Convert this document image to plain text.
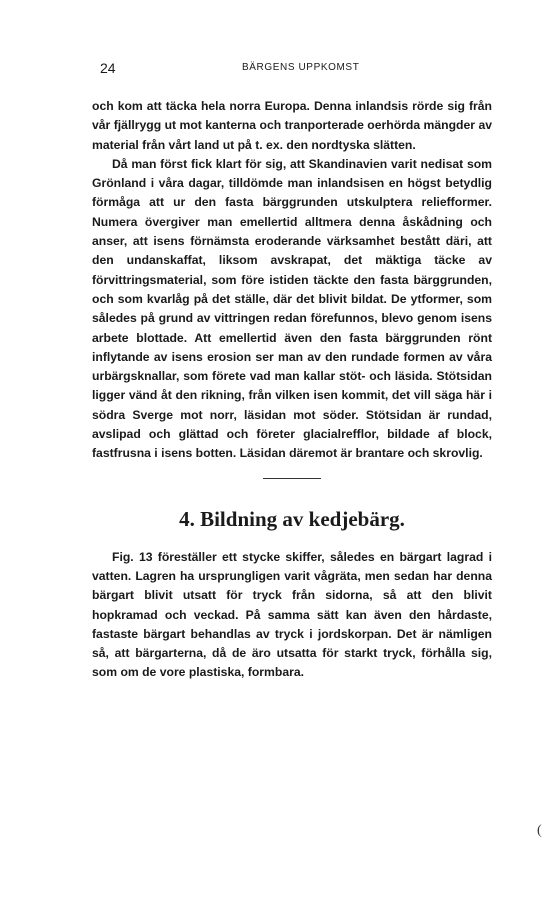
24	BÄRGENS UPPKOMST

och kom att täcka hela norra Europa. Denna inlandsis rörde sig från vår fjällrygg ut mot kanterna och tranporterade oerhörda mängder av material från vårt land ut på t. ex. den nordtyska slätten.

Då man först fick klart för sig, att Skandinavien varit nedisat som Grönland i våra dagar, tilldömde man inlandsisen en högst betydlig förmåga att ur den fasta bärggrunden utskulptera reliefformer. Numera övergiver man emellertid alltmera denna åskådning och anser, att isens förnämsta eroderande värksamhet bestått däri, att den undanskaffat, liksom avskrapat, det mäktiga täcke av förvittringsmaterial, som före istiden täckte den fasta bärggrunden, och som kvarlåg på det ställe, där det blivit bildat. De ytformer, som således på grund av vittringen redan förefunnos, blevo genom isens arbete blottade. Att emellertid även den fasta bärggrunden rönt inflytande av isens erosion ser man av den rundade formen av våra urbärgsknallar, som förete vad man kallar stöt- och läsida. Stötsidan ligger vänd åt den rikning, från vilken isen kommit, det vill säga här i södra Sverge mot norr, läsidan mot söder. Stötsidan är rundad, avslipad och glättad och företer glacialrefflor, bildade af block, fastfrusna i isens botten. Läsidan däremot är brantare och skrovlig.

4. Bildning av kedjebärg.

Fig. 13 föreställer ett stycke skiffer, således en bärgart lagrad i vatten. Lagren ha ursprungligen varit vågräta, men sedan har denna bärgart blivit utsatt för tryck från sidorna, så att den blivit hopkramad och veckad. På samma sätt kan även den hårdaste, fastaste bärgart behandlas av tryck i jordskorpan. Det är nämligen så, att bärgarterna, då de äro utsatta för starkt tryck, förhålla sig, som om de vore plastiska, formbara.

(
